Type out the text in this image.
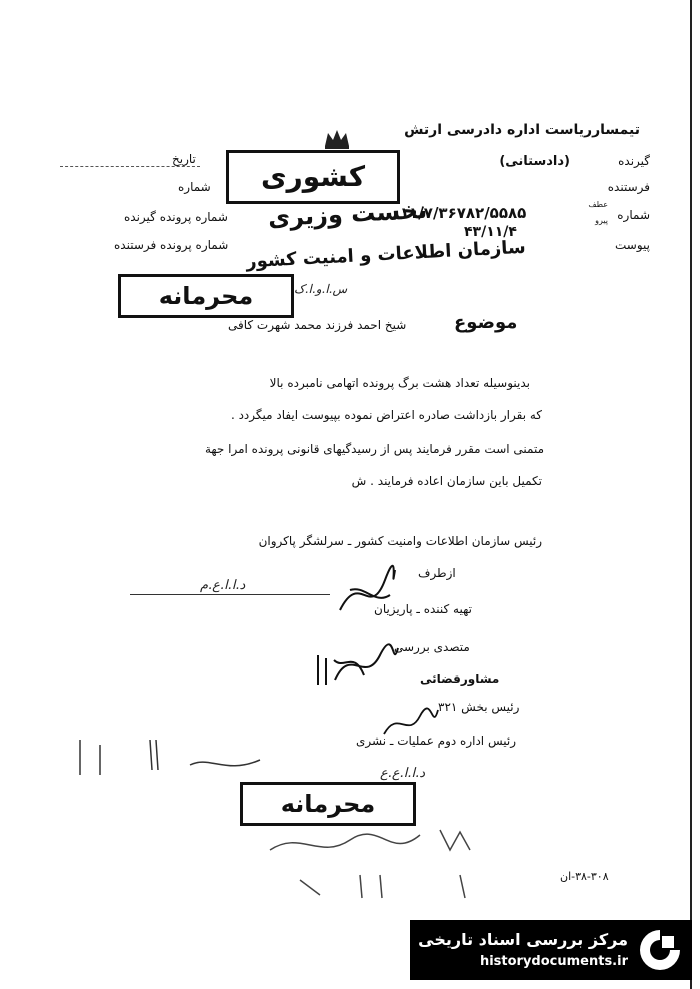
تیمساررياست اداره دادرسی ارتش
گیرنده
(دادستانی)
فرستنده
شماره
عطف
پیرو
۱۱/۷/۳۶۷۸۲/۵۵۸۵
۴۳/۱۱/۴
پیوست
تاریخ
شماره
شماره پرونده گیرنده
شماره پرونده فرستنده
کشوری
نخست وزیری
سازمان اطلاعات و امنیت کشور
محرمانه	س.ا.و.ا.ک
موضوع
شیخ احمد فرزند محمد شهرت کافی
بدینوسیله تعداد هشت برگ پرونده اتهامی نامبرده بالا
که بقرار بازداشت صادره اعتراض نموده بپیوست ایفاد میگردد .
متمنی است مقرر فرمایند پس از رسیدگیهای قانونی پرونده امرا جهة
تکمیل باین سازمان اعاده فرمایند . ش
رئیس سازمان اطلاعات وامنیت کشور ـ سرلشگر پاکروان
ازطرف
د.ا.ا.ع.م
تهیه کننده ـ پاریزیان
متصدی بررسی
مشاورقضائی
رئیس بخش ۳۲۱
رئیس اداره دوم عملیات ـ نشری
د.ا.ا.ع.ع
محرمانه
۳۸-۳۰۸-ان
مرکز بررسی اسناد تاریخی
historydocuments.ir
